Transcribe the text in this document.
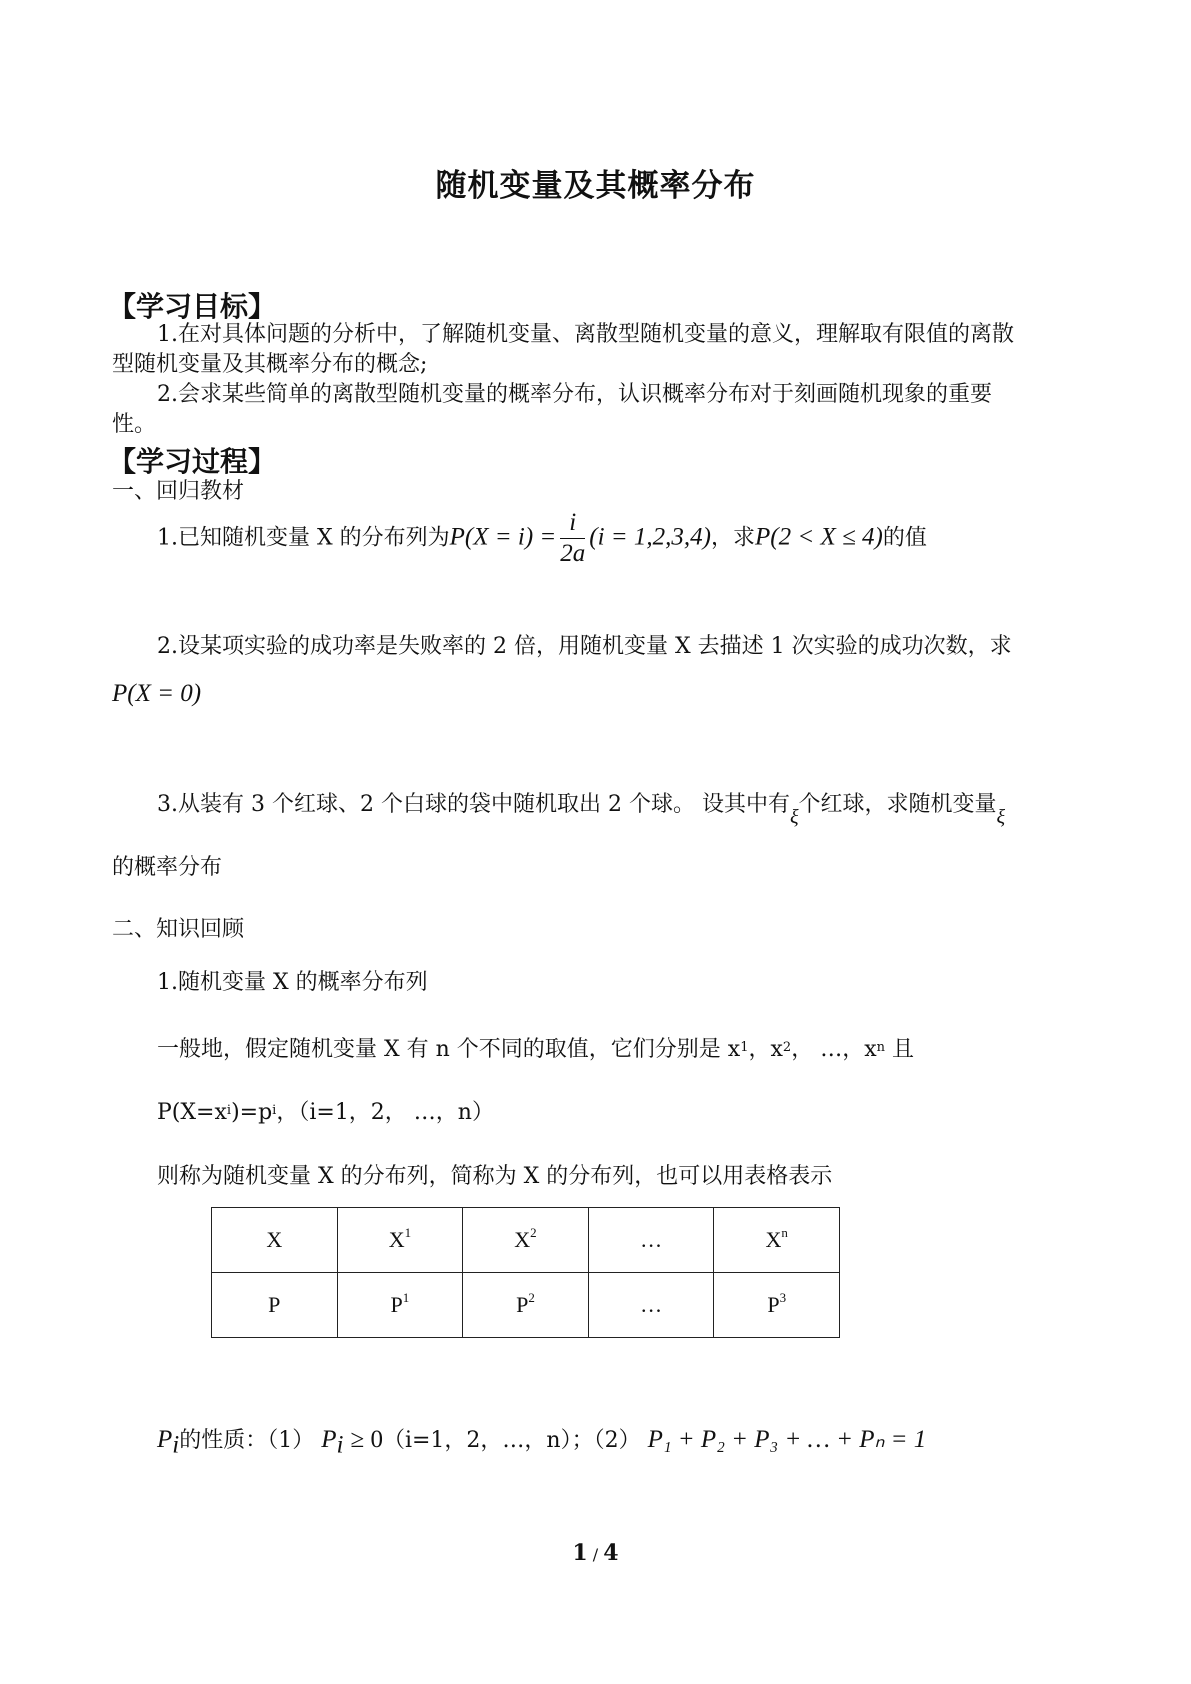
随机变量及其概率分布
【学习目标】
1.在对具体问题的分析中，了解随机变量、离散型随机变量的意义，理解取有限值的离散
型随机变量及其概率分布的概念;
2.会求某些简单的离散型随机变量的概率分布，认识概率分布对于刻画随机现象的重要
性。
【学习过程】
一、回归教材
1.已知随机变量 X 的分布列为$P(X = i) = \frac{i}{2a} (i = 1,2,3,4)$，求P(2 < X ≤ 4)的值
2.设某项实验的成功率是失败率的 2 倍，用随机变量 X 去描述 1 次实验的成功次数，求
P(X = 0)
3.从装有 3 个红球、2 个白球的袋中随机取出 2 个球。 设其中有ξ个红球，求随机变量ξ
的概率分布
二、知识回顾
1.随机变量 X 的概率分布列
一般地，假定随机变量 X 有 n 个不同的取值，它们分别是 $x^1$，$x^2$， …，$x^n$ 且
$P(X=x^i)=p^i$，（i=1，2， …，n）
则称为随机变量 X 的分布列，简称为 X 的分布列，也可以用表格表示
X	$X^1$	$X^2$	…	$X^n$
P	$P^1$	$P^2$	…	$P^3$
$P_i$的性质：（1） $P_i \ge 0(i=1$，2，…，n）；（2） P₁ + P₂ + P₃ + … + Pₙ = 1
1 / 4
